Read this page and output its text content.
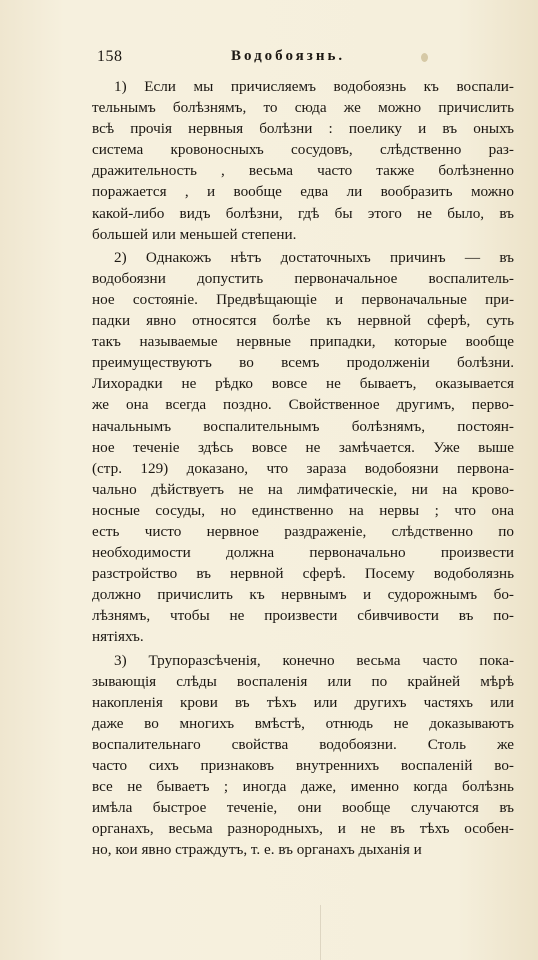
158	Водобоязнь.
1) Если мы причисляемъ водобоязнь къ воспали-
тельнымъ болѣзнямъ, то сюда же можно причислить
всѣ прочія нервныя болѣзни : поелику и въ оныхъ
система кровоносныхъ сосудовъ, слѣдственно раз-
дражительность , весьма часто также болѣзненно
поражается , и вообще едва ли вообразить можно
какой-либо видъ болѣзни, гдѣ бы этого не было, въ
большей или меньшей степени.
2) Однакожъ нѣтъ достаточныхъ причинъ — въ
водобоязни допустить первоначальное воспалитель-
ное состояніе. Предвѣщающіе и первоначальные при-
падки явно относятся болѣе къ нервной сферѣ, суть
такъ называемые нервные припадки, которые вообще
преимуществуютъ во всемъ продолженіи болѣзни.
Лихорадки не рѣдко вовсе не бываетъ, оказывается
же она всегда поздно. Свойственное другимъ, перво-
начальнымъ воспалительнымъ болѣзнямъ, постоян-
ное теченіе здѣсь вовсе не замѣчается. Уже выше
(стр. 129) доказано, что зараза водобоязни первона-
чально дѣйствуетъ не на лимфатическіе, ни на крово-
носные сосуды, но единственно на нервы ; что она
есть чисто нервное раздраженіе, слѣдственно по
необходимости должна первоначально произвести
разстройство въ нервной сферѣ. Посему водоболязнь
должно причислить къ нервнымъ и судорожнымъ бо-
лѣзнямъ, чтобы не произвести сбивчивости въ по-
нятіяхъ.
3) Трупоразсѣченія, конечно весьма часто пока-
зывающія слѣды воспаленія или по крайней мѣрѣ
накопленія крови въ тѣхъ или другихъ частяхъ или
даже во многихъ вмѣстѣ, отнюдь не доказываютъ
воспалительнаго свойства водобоязни. Столь же
часто сихъ признаковъ внутреннихъ воспаленій во-
все не бываетъ ; иногда даже, именно когда болѣзнь
имѣла быстрое теченіе, они вообще случаются въ
органахъ, весьма разнородныхъ, и не въ тѣхъ особен-
но, кои явно страждутъ, т. е. въ органахъ дыханія и
